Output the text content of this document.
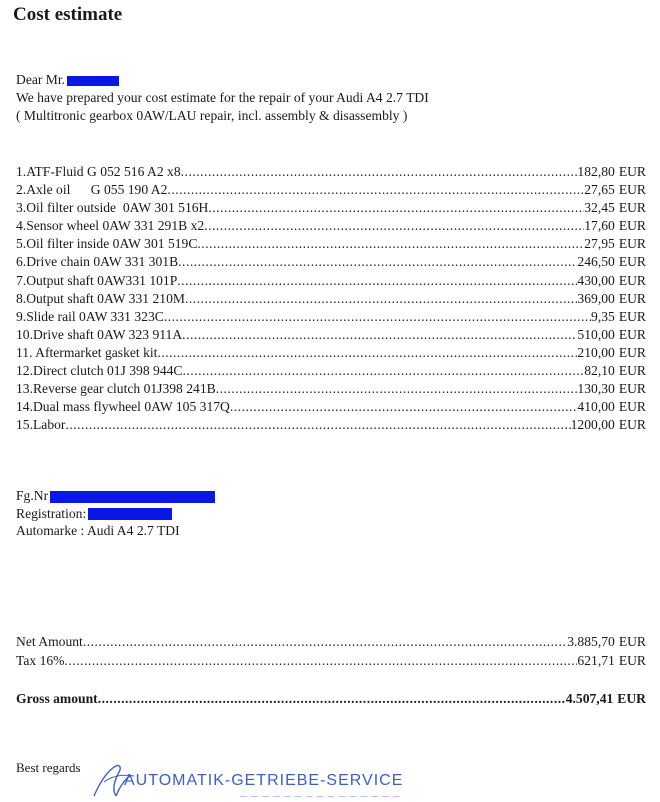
Cost estimate
Dear Mr.
We have prepared your cost estimate for the repair of your Audi A4 2.7 TDI
( Multitronic gearbox 0AW/LAU repair, incl. assembly & disassembly )
1.ATF-Fluid G 052 516 A2 x8 .....	182,80 EUR
2.Axle oil      G 055 190 A2 .....	27,65 EUR
3.Oil filter outside  0AW 301 516H .....	32,45 EUR
4.Sensor wheel 0AW 331 291B x2 .....	17,60 EUR
5.Oil filter inside 0AW 301 519C .....	27,95 EUR
6.Drive chain 0AW 331 301B .....	246,50 EUR
7.Output shaft 0AW331 101P .....	430,00 EUR
8.Output shaft 0AW 331 210M .....	369,00 EUR
9.Slide rail 0AW 331 323C .....	9,35 EUR
10.Drive shaft 0AW 323 911A .....	510,00 EUR
11. Aftermarket gasket kit .....	210,00 EUR
12.Direct clutch 01J 398 944C .....	82,10 EUR
13.Reverse gear clutch 01J398 241B .....	130,30 EUR
14.Dual mass flywheel 0AW 105 317Q .....	410,00 EUR
15.Labor .....	1200,00 EUR
Fg.Nr
Registration:
Automarke : Audi A4 2.7 TDI
Net Amount .....	3.885,70 EUR
Tax 16% .....	621,71 EUR
Gross amount .....	4.507,41 EUR
Best regards
AUTOMATIK-GETRIEBE-SERVICE
— — — — — — — — — — — — — — —
